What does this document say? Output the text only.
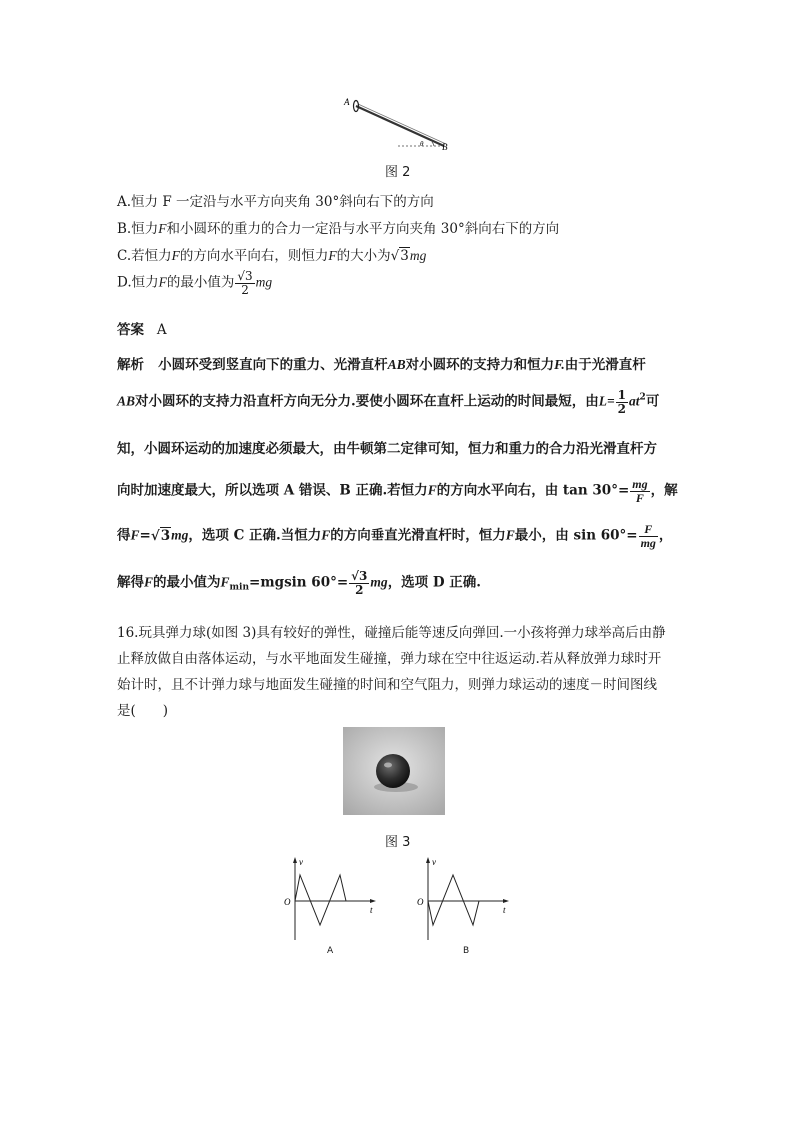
A
B
θ
图 2
A.恒力 F 一定沿与水平方向夹角 30°斜向右下的方向
B.恒力F和小圆环的重力的合力一定沿与水平方向夹角 30°斜向右下的方向
C.若恒力F的方向水平向右，则恒力F的大小为√3mg
D.恒力F的最小值为 $\frac{√3}{2}$ mg
答案 A
解析 小圆环受到竖直向下的重力、光滑直杆AB对小圆环的支持力和恒力F.由于光滑直杆
AB对小圆环的支持力沿直杆方向无分力.要使小圆环在直杆上运动的时间最短，由$L= \frac{1}{2} at^2$可
知，小圆环运动的加速度必须最大，由牛顿第二定律可知，恒力和重力的合力沿光滑直杆方
向时加速度最大，所以选项 A 错误、B 正确.若恒力F的方向水平向右，由 $\tan 30^\circ= \frac{mg}{F}$ ，解
得F=√3mg，选项 C 正确.当恒力F的方向垂直光滑直杆时，恒力F最小，由 $\sin 60^\circ= \frac{F}{mg}$ ，
解得F的最小值为$F_{min}=mgsin$ $60^\circ= \frac{√3}{2}$ mg，选项 D 正确.
16.玩具弹力球(如图 3)具有较好的弹性，碰撞后能等速反向弹回.一小孩将弹力球举高后由静
止释放做自由落体运动，与水平地面发生碰撞，弹力球在空中往返运动.若从释放弹力球时开
始计时，且不计弹力球与地面发生碰撞的时间和空气阻力，则弹力球运动的速度－时间图线
是(　　)
图 3
v
t
O
A
v
t
O
B
